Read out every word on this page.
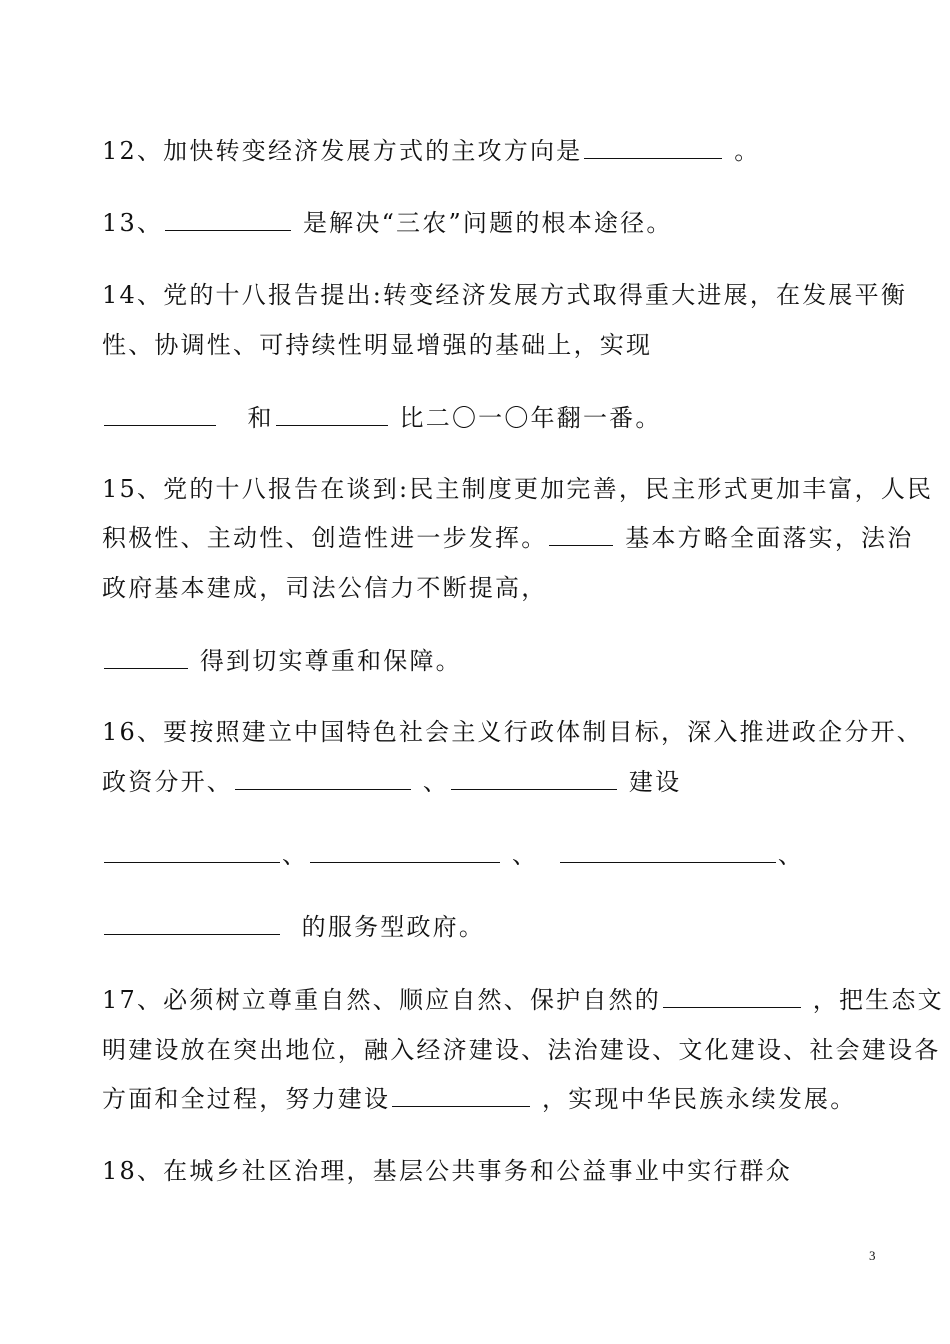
12、加快转变经济发展方式的主攻方向是	。
13、	是解决“三农”问题的根本途径。
14、党的十八报告提出:转变经济发展方式取得重大进展，在发展平衡
性、协调性、可持续性明显增强的基础上，实现
和	比二〇一〇年翻一番。
15、党的十八报告在谈到:民主制度更加完善，民主形式更加丰富，人民
积极性、主动性、创造性进一步发挥。	基本方略全面落实，法治
政府基本建成，司法公信力不断提高，
得到切实尊重和保障。
16、要按照建立中国特色社会主义行政体制目标，深入推进政企分开、
政资分开、	、	建设
、	、	、
的服务型政府。
17、必须树立尊重自然、顺应自然、保护自然的	，把生态文
明建设放在突出地位，融入经济建设、法治建设、文化建设、社会建设各
方面和全过程，努力建设	，实现中华民族永续发展。
18、在城乡社区治理，基层公共事务和公益事业中实行群众
3
